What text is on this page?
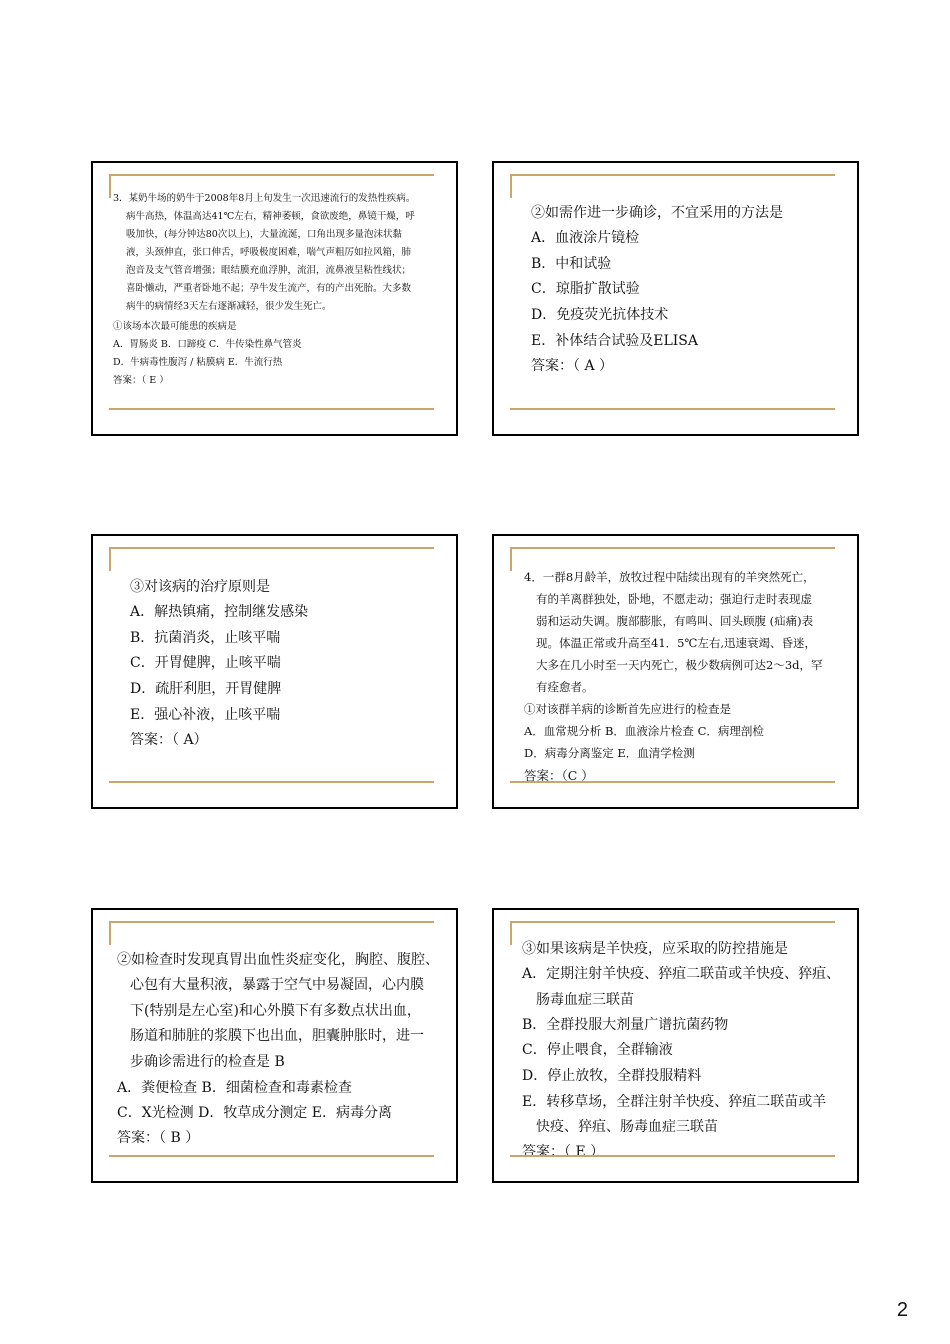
3．某奶牛场的奶牛于2008年8月上旬发生一次迅速流行的发热性疾病。

病牛高热，体温高达41℃左右，精神萎顿，食欲废绝，鼻镜干燥，呼

吸加快，(每分钟达80次以上)，大量流涎，口角出现多量泡沫状黏

液，头颈伸直，张口伸舌，呼吸极度困难，喘气声粗厉如拉风箱，肺

泡音及支气管音增强；眼结膜充血浮肿，流泪，流鼻液呈粘性线状；

喜卧懒动，严重者卧地不起；孕牛发生流产，有的产出死胎。大多数

病牛的病情经3天左右逐渐减轻，很少发生死亡。

①该场本次最可能患的疾病是

A．胃肠炎 B．口蹄疫 C．牛传染性鼻气管炎

D．牛病毒性腹泻 / 粘膜病 E．牛流行热

答案：（ E ）

②如需作进一步确诊，不宜采用的方法是

A．血液涂片镜检

B．中和试验

C．琼脂扩散试验

D．免疫荧光抗体技术

E．补体结合试验及ELISA

答案：（ A ）

③对该病的治疗原则是

A．解热镇痛，控制继发感染

B．抗菌消炎，止咳平喘

C．开胃健脾，止咳平喘

D．疏肝利胆，开胃健脾

E．强心补液，止咳平喘

答案：（ A）

4．一群8月龄羊，放牧过程中陆续出现有的羊突然死亡，

有的羊离群独处，卧地，不愿走动；强迫行走时表现虚

弱和运动失调。腹部膨胀，有鸣叫、回头顾腹 (疝痛)表

现。体温正常或升高至41．5℃左右,迅速衰竭、昏迷，

大多在几小时至一天内死亡，极少数病例可达2～3d，罕

有痊愈者。

①对该群羊病的诊断首先应进行的检查是

A．血常规分析 B．血液涂片检查 C．病理剖检

D．病毒分离鉴定 E．血清学检测

答案：（C ）

②如检查时发现真胃出血性炎症变化，胸腔、腹腔、

心包有大量积液，暴露于空气中易凝固，心内膜

下(特别是左心室)和心外膜下有多数点状出血，

肠道和肺脏的浆膜下也出血，胆囊肿胀时，进一

步确诊需进行的检查是 B

A．粪便检查 B．细菌检查和毒素检查

C．X光检测 D．牧草成分测定 E．病毒分离

答案：（ B ）

③如果该病是羊快疫，应采取的防控措施是

A．定期注射羊快疫、猝疽二联苗或羊快疫、猝疽、

肠毒血症三联苗

B．全群投服大剂量广谱抗菌药物

C．停止喂食，全群输液

D．停止放牧，全群投服精料

E．转移草场，全群注射羊快疫、猝疽二联苗或羊

快疫、猝疽、肠毒血症三联苗

答案：（ E ）

2
